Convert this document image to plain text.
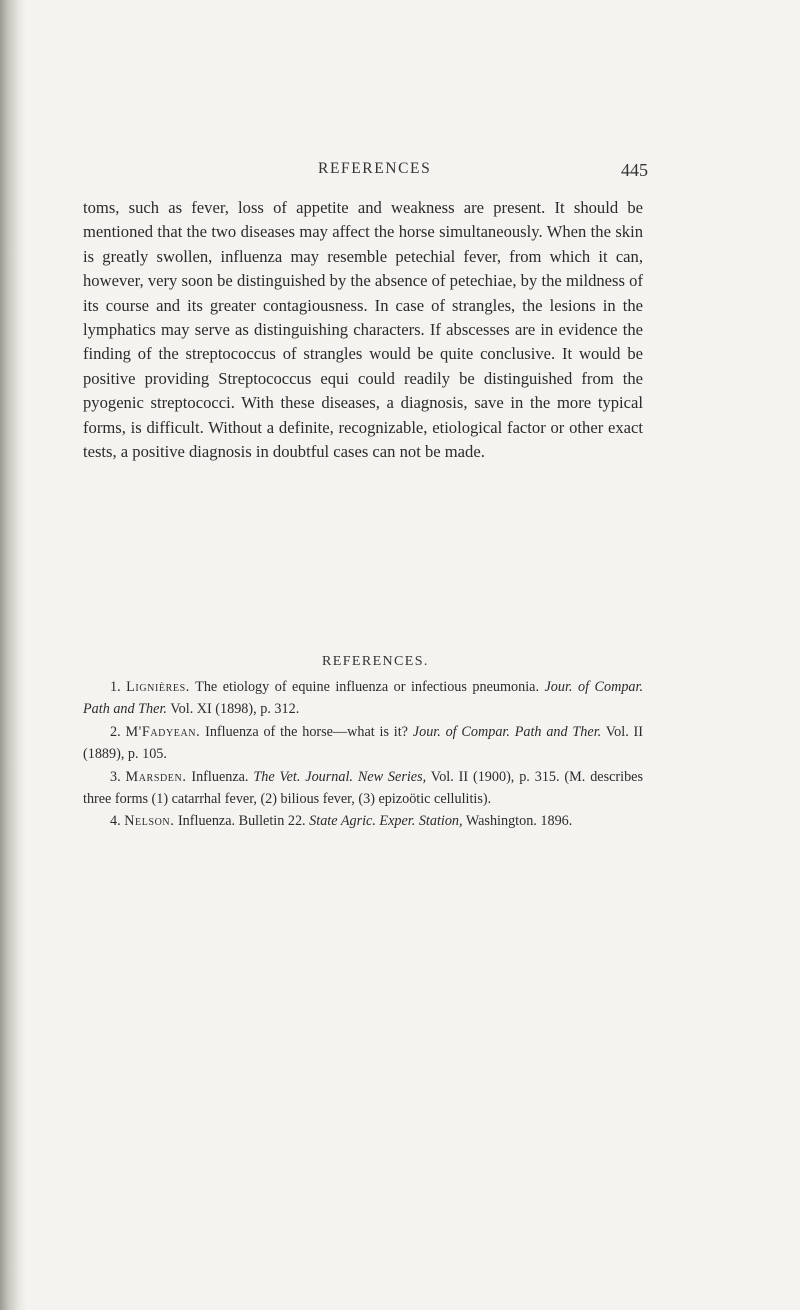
REFERENCES	445

toms, such as fever, loss of appetite and weakness are present. It should be mentioned that the two diseases may affect the horse simultaneously. When the skin is greatly swollen, influenza may resemble petechial fever, from which it can, however, very soon be distinguished by the absence of petechiae, by the mildness of its course and its greater contagiousness. In case of strangles, the lesions in the lymphatics may serve as distinguishing characters. If abscesses are in evidence the finding of the streptococcus of strangles would be quite conclusive. It would be positive providing Streptococcus equi could readily be distinguished from the pyogenic streptococci. With these diseases, a diagnosis, save in the more typical forms, is difficult. Without a definite, recognizable, etiological factor or other exact tests, a positive diagnosis in doubtful cases can not be made.

REFERENCES.

1. Lignières. The etiology of equine influenza or infectious pneumonia. Jour. of Compar. Path and Ther. Vol. XI (1898), p. 312.

2. M'Fadyean. Influenza of the horse—what is it? Jour. of Compar. Path and Ther. Vol. II (1889), p. 105.

3. Marsden. Influenza. The Vet. Journal. New Series, Vol. II (1900), p. 315. (M. describes three forms (1) catarrhal fever, (2) bilious fever, (3) epizoötic cellulitis).

4. Nelson. Influenza. Bulletin 22. State Agric. Exper. Station, Washington. 1896.
